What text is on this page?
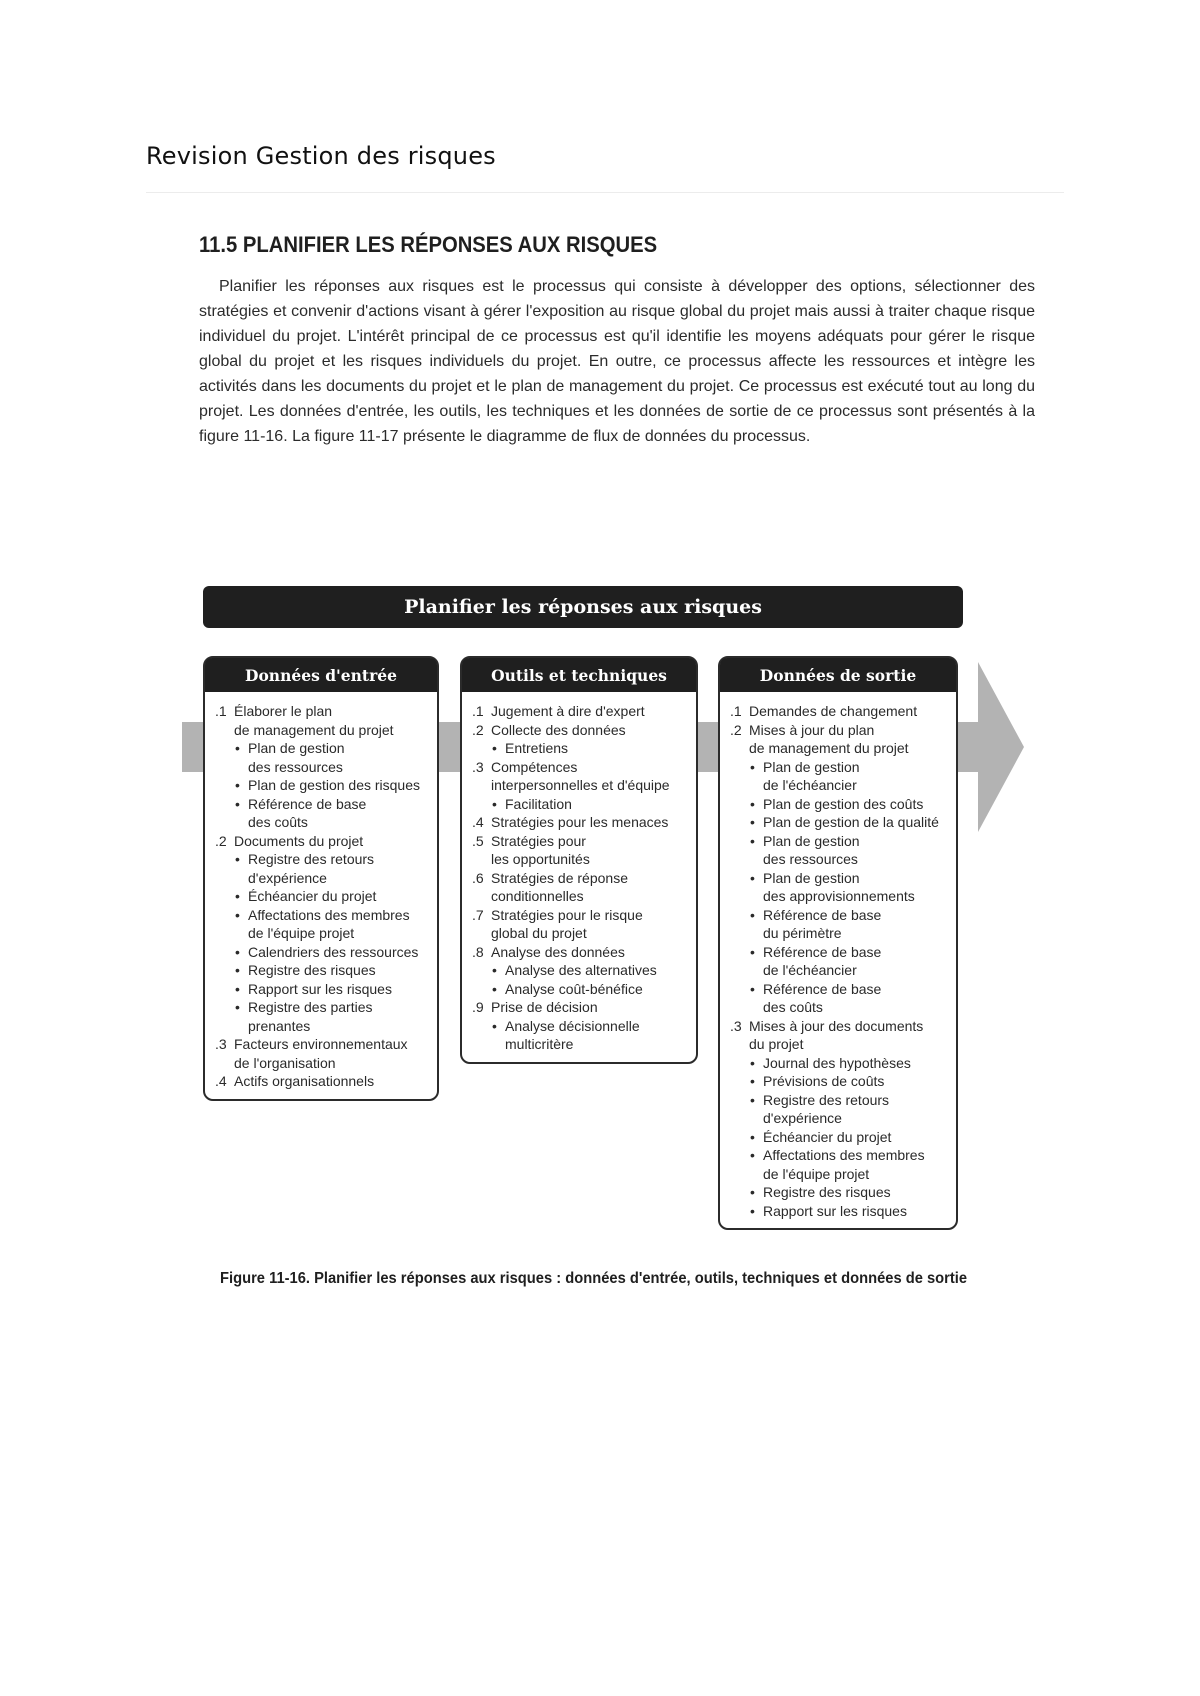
Revision Gestion des risques
11.5 PLANIFIER LES RÉPONSES AUX RISQUES

Planifier les réponses aux risques est le processus qui consiste à développer des options, sélectionner des stratégies et convenir d'actions visant à gérer l'exposition au risque global du projet mais aussi à traiter chaque risque individuel du projet. L'intérêt principal de ce processus est qu'il identifie les moyens adéquats pour gérer le risque global du projet et les risques individuels du projet. En outre, ce processus affecte les ressources et intègre les activités dans les documents du projet et le plan de management du projet. Ce processus est exécuté tout au long du projet. Les données d'entrée, les outils, les techniques et les données de sortie de ce processus sont présentés à la figure 11-16. La figure 11-17 présente le diagramme de flux de données du processus.

Planifier les réponses aux risques
Données d'entrée
.1 Élaborer le plan
de management du projet
• Plan de gestion
des ressources
• Plan de gestion des risques
• Référence de base
des coûts
.2 Documents du projet
• Registre des retours
d'expérience
• Échéancier du projet
• Affectations des membres
de l'équipe projet
• Calendriers des ressources
• Registre des risques
• Rapport sur les risques
• Registre des parties
prenantes
.3 Facteurs environnementaux
de l'organisation
.4 Actifs organisationnels
Outils et techniques
.1 Jugement à dire d'expert
.2 Collecte des données
• Entretiens
.3 Compétences
interpersonnelles et d'équipe
• Facilitation
.4 Stratégies pour les menaces
.5 Stratégies pour
les opportunités
.6 Stratégies de réponse
conditionnelles
.7 Stratégies pour le risque
global du projet
.8 Analyse des données
• Analyse des alternatives
• Analyse coût-bénéfice
.9 Prise de décision
• Analyse décisionnelle
multicritère
Données de sortie
.1 Demandes de changement
.2 Mises à jour du plan
de management du projet
• Plan de gestion
de l'échéancier
• Plan de gestion des coûts
• Plan de gestion de la qualité
• Plan de gestion
des ressources
• Plan de gestion
des approvisionnements
• Référence de base
du périmètre
• Référence de base
de l'échéancier
• Référence de base
des coûts
.3 Mises à jour des documents
du projet
• Journal des hypothèses
• Prévisions de coûts
• Registre des retours
d'expérience
• Échéancier du projet
• Affectations des membres
de l'équipe projet
• Registre des risques
• Rapport sur les risques
Figure 11-16. Planifier les réponses aux risques : données d'entrée, outils, techniques et données de sortie
